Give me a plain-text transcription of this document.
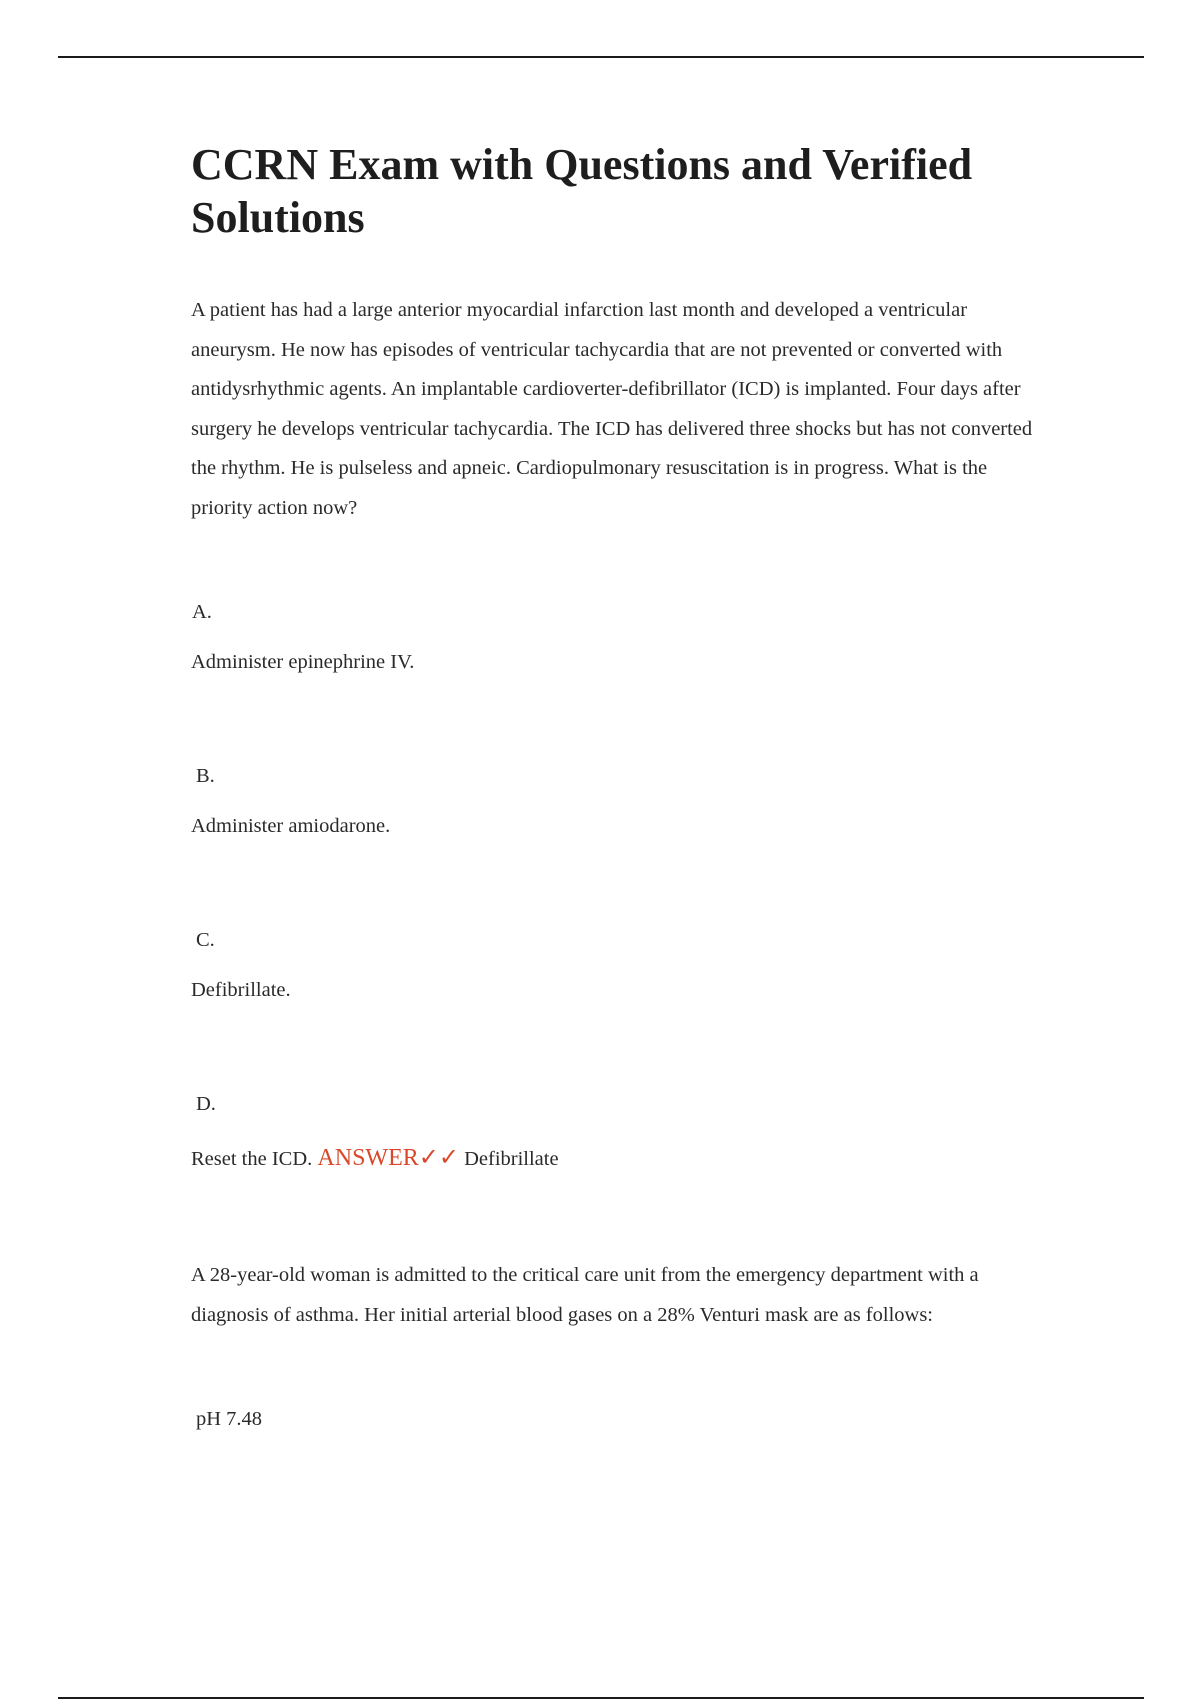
CCRN Exam with Questions and Verified Solutions

A patient has had a large anterior myocardial infarction last month and developed a ventricular aneurysm. He now has episodes of ventricular tachycardia that are not prevented or converted with antidysrhythmic agents. An implantable cardioverter-defibrillator (ICD) is implanted. Four days after surgery he develops ventricular tachycardia. The ICD has delivered three shocks but has not converted the rhythm. He is pulseless and apneic. Cardiopulmonary resuscitation is in progress. What is the priority action now?

A.

Administer epinephrine IV.

B.

Administer amiodarone.

C.

Defibrillate.

D.

Reset the ICD. ANSWER✓✓ Defibrillate

A 28-year-old woman is admitted to the critical care unit from the emergency department with a diagnosis of asthma. Her initial arterial blood gases on a 28% Venturi mask are as follows:

pH 7.48
